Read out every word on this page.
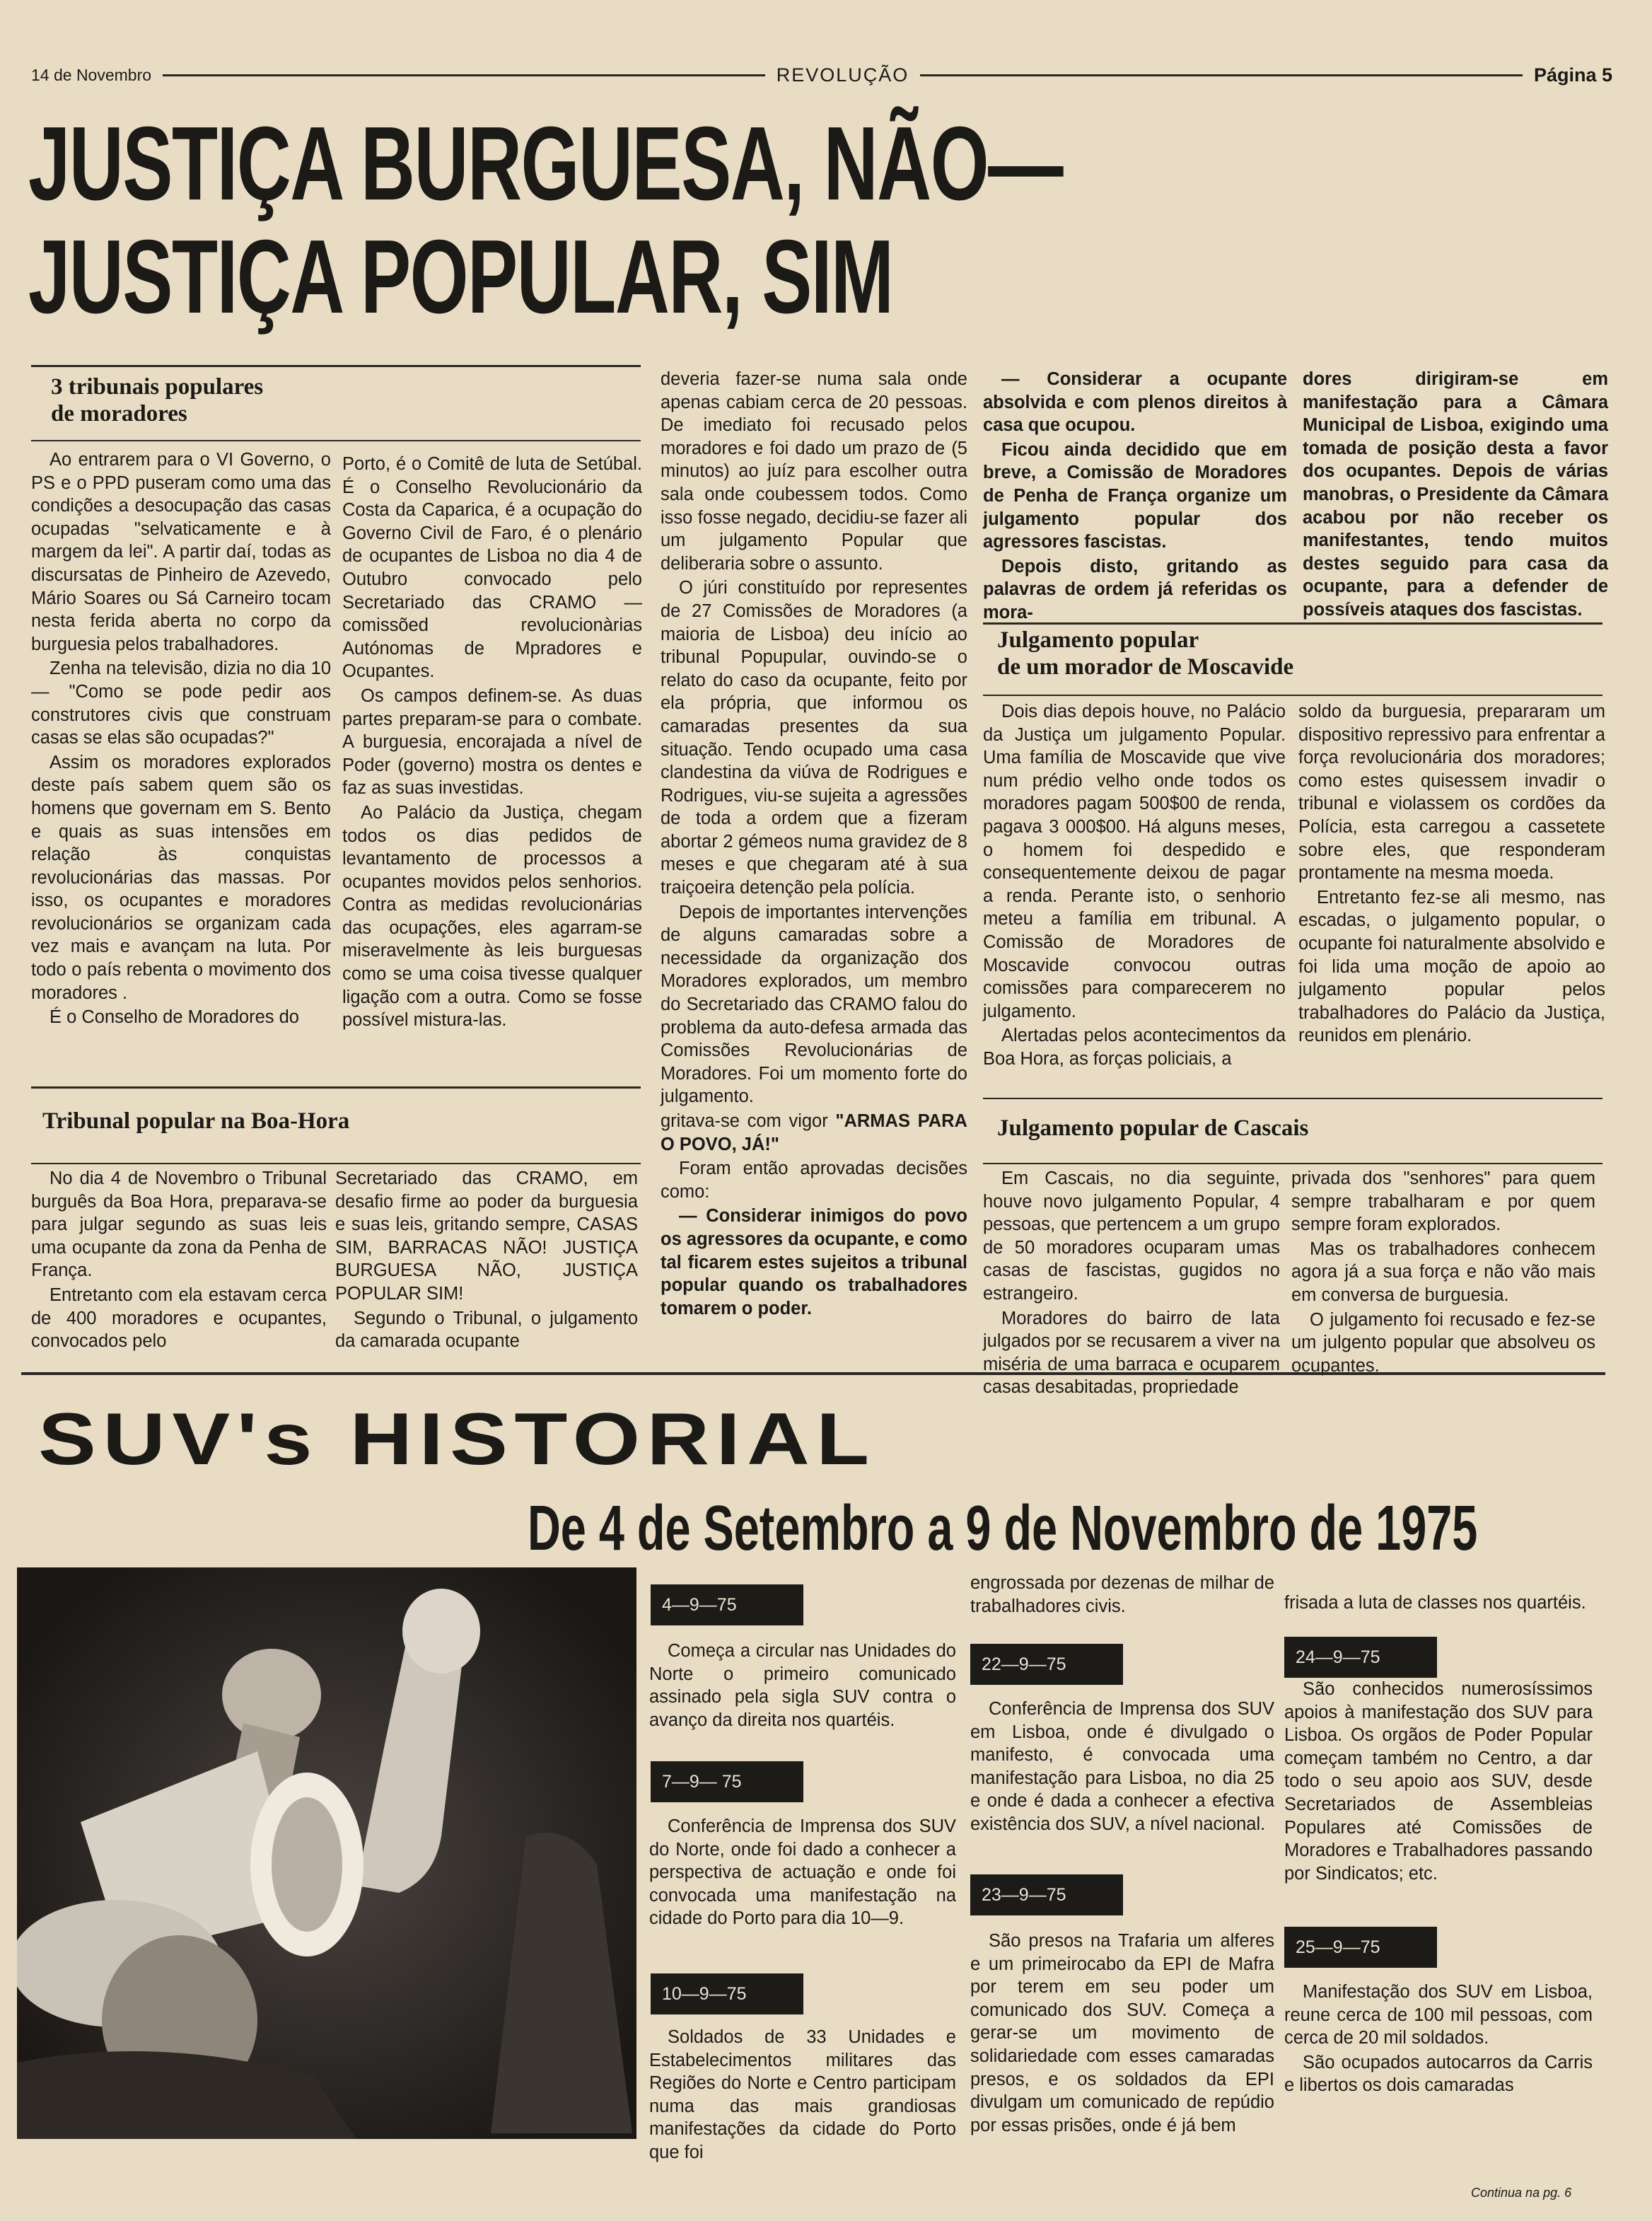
14 de Novembro	REVOLUÇÃO	Página 5
JUSTIÇA BURGUESA, NÃO—
JUSTIÇA POPULAR, SIM
3 tribunais populares
de moradores

Ao entrarem para o VI Governo, o PS e o PPD puseram como uma das condições a desocupação das casas ocupadas "selvaticamente e à margem da lei". A partir daí, todas as discursatas de Pinheiro de Azevedo, Mário Soares ou Sá Carneiro tocam nesta ferida aberta no corpo da burguesia pelos trabalhadores.

Zenha na televisão, dizia no dia 10 — "Como se pode pedir aos construtores civis que construam casas se elas são ocupadas?"

Assim os moradores explorados deste país sabem quem são os homens que governam em S. Bento e quais as suas intensões em relação às conquistas revolucionárias das massas. Por isso, os ocupantes e moradores revolucionários se organizam cada vez mais e avançam na luta. Por todo o país rebenta o movimento dos moradores .

É o Conselho de Moradores do

Porto, é o Comitê de luta de Setúbal. É o Conselho Revolucionário da Costa da Caparica, é a ocupação do Governo Civil de Faro, é o plenário de ocupantes de Lisboa no dia 4 de Outubro convocado pelo Secretariado das CRAMO — comissõed revolucionàrias Autónomas de Mpradores e Ocupantes.

Os campos definem-se. As duas partes preparam-se para o combate. A burguesia, encorajada a nível de Poder (governo) mostra os dentes e faz as suas investidas.

Ao Palácio da Justiça, chegam todos os dias pedidos de levantamento de processos a ocupantes movidos pelos senhorios. Contra as medidas revolucionárias das ocupações, eles agarram-se miseravelmente às leis burguesas como se uma coisa tivesse qualquer ligação com a outra. Como se fosse possível mistura-las.

Tribunal popular na Boa-Hora

No dia 4 de Novembro o Tribunal burguês da Boa Hora, preparava-se para julgar segundo as suas leis uma ocupante da zona da Penha de França.

Entretanto com ela estavam cerca de 400 moradores e ocupantes, convocados pelo

Secretariado das CRAMO, em desafio firme ao poder da burguesia e suas leis, gritando sempre, CASAS SIM, BARRACAS NÃO! JUSTIÇA BURGUESA NÃO, JUSTIÇA POPULAR SIM!

Segundo o Tribunal, o julgamento da camarada ocupante

deveria fazer-se numa sala onde apenas cabiam cerca de 20 pessoas. De imediato foi recusado pelos moradores e foi dado um prazo de (5 minutos) ao juíz para escolher outra sala onde coubessem todos. Como isso fosse negado, decidiu-se fazer ali um julgamento Popular que deliberaria sobre o assunto.

O júri constituído por representes de 27 Comissões de Moradores (a maioria de Lisboa) deu início ao tribunal Popupular, ouvindo-se o relato do caso da ocupante, feito por ela própria, que informou os camaradas presentes da sua situação. Tendo ocupado uma casa clandestina da viúva de Rodrigues e Rodrigues, viu-se sujeita a agressões de toda a ordem que a fizeram abortar 2 gémeos numa gravidez de 8 meses e que chegaram até à sua traiçoeira detenção pela polícia.

Depois de importantes intervenções de alguns camaradas sobre a necessidade da organização dos Moradores explorados, um membro do Secretariado das CRAMO falou do problema da auto-defesa armada das Comissões Revolucionárias de Moradores. Foi um momento forte do julgamento.

gritava-se com vigor "ARMAS PARA O POVO, JÁ!"

Foram então aprovadas decisões como:

— Considerar inimigos do povo os agressores da ocupante, e como tal ficarem estes sujeitos a tribunal popular quando os trabalhadores tomarem o poder.

— Considerar a ocupante absolvida e com plenos direitos à casa que ocupou.

Ficou ainda decidido que em breve, a Comissão de Moradores de Penha de França organize um julgamento popular dos agressores fascistas.

Depois disto, gritando as palavras de ordem já referidas os mora-

dores dirigiram-se em manifestação para a Câmara Municipal de Lisboa, exigindo uma tomada de posição desta a favor dos ocupantes. Depois de várias manobras, o Presidente da Câmara acabou por não receber os manifestantes, tendo muitos destes seguido para casa da ocupante, para a defender de possíveis ataques dos fascistas.

Julgamento popular
de um morador de Moscavide

Dois dias depois houve, no Palácio da Justiça um julgamento Popular. Uma família de Moscavide que vive num prédio velho onde todos os moradores pagam 500$00 de renda, pagava 3 000$00. Há alguns meses, o homem foi despedido e consequentemente deixou de pagar a renda. Perante isto, o senhorio meteu a família em tribunal. A Comissão de Moradores de Moscavide convocou outras comissões para comparecerem no julgamento.

Alertadas pelos acontecimentos da Boa Hora, as forças policiais, a

soldo da burguesia, prepararam um dispositivo repressivo para enfrentar a força revolucionária dos moradores; como estes quisessem invadir o tribunal e violassem os cordões da Polícia, esta carregou a cassetete sobre eles, que responderam prontamente na mesma moeda.

Entretanto fez-se ali mesmo, nas escadas, o julgamento popular, o ocupante foi naturalmente absolvido e foi lida uma moção de apoio ao julgamento popular pelos trabalhadores do Palácio da Justiça, reunidos em plenário.

Julgamento popular de Cascais

Em Cascais, no dia seguinte, houve novo julgamento Popular, 4 pessoas, que pertencem a um grupo de 50 moradores ocuparam umas casas de fascistas, gugidos no estrangeiro.

Moradores do bairro de lata julgados por se recusarem a viver na miséria de uma barraca e ocuparem casas desabitadas, propriedade

privada dos "senhores" para quem sempre trabalharam e por quem sempre foram explorados.

Mas os trabalhadores conhecem agora já a sua força e não vão mais em conversa de burguesia.

O julgamento foi recusado e fez-se um julgento popular que absolveu os ocupantes.

SUV's HISTORIAL
De 4 de Setembro a 9 de Novembro de 1975
4—9—75

Começa a circular nas Unidades do Norte o primeiro comunicado assinado pela sigla SUV contra o avanço da direita nos quartéis.

7—9— 75

Conferência de Imprensa dos SUV do Norte, onde foi dado a conhecer a perspectiva de actuação e onde foi convocada uma manifestação na cidade do Porto para dia 10—9.

10—9—75

Soldados de 33 Unidades e Estabelecimentos militares das Regiões do Norte e Centro participam numa das mais grandiosas manifestações da cidade do Porto que foi

engrossada por dezenas de milhar de trabalhadores civis.

22—9—75

Conferência de Imprensa dos SUV em Lisboa, onde é divulgado o manifesto, é convocada uma manifestação para Lisboa, no dia 25 e onde é dada a conhecer a efectiva existência dos SUV, a nível nacional.

23—9—75

São presos na Trafaria um alferes e um primeirocabo da EPI de Mafra por terem em seu poder um comunicado dos SUV. Começa a gerar-se um movimento de solidariedade com esses camaradas presos, e os soldados da EPI divulgam um comunicado de repúdio por essas prisões, onde é já bem

frisada a luta de classes nos quartéis.

24—9—75

São conhecidos numerosíssimos apoios à manifestação dos SUV para Lisboa. Os orgãos de Poder Popular começam também no Centro, a dar todo o seu apoio aos SUV, desde Secretariados de Assembleias Populares até Comissões de Moradores e Trabalhadores passando por Sindicatos; etc.

25—9—75

Manifestação dos SUV em Lisboa, reune cerca de 100 mil pessoas, com cerca de 20 mil soldados.

São ocupados autocarros da Carris e libertos os dois camaradas

Continua na pg. 6
